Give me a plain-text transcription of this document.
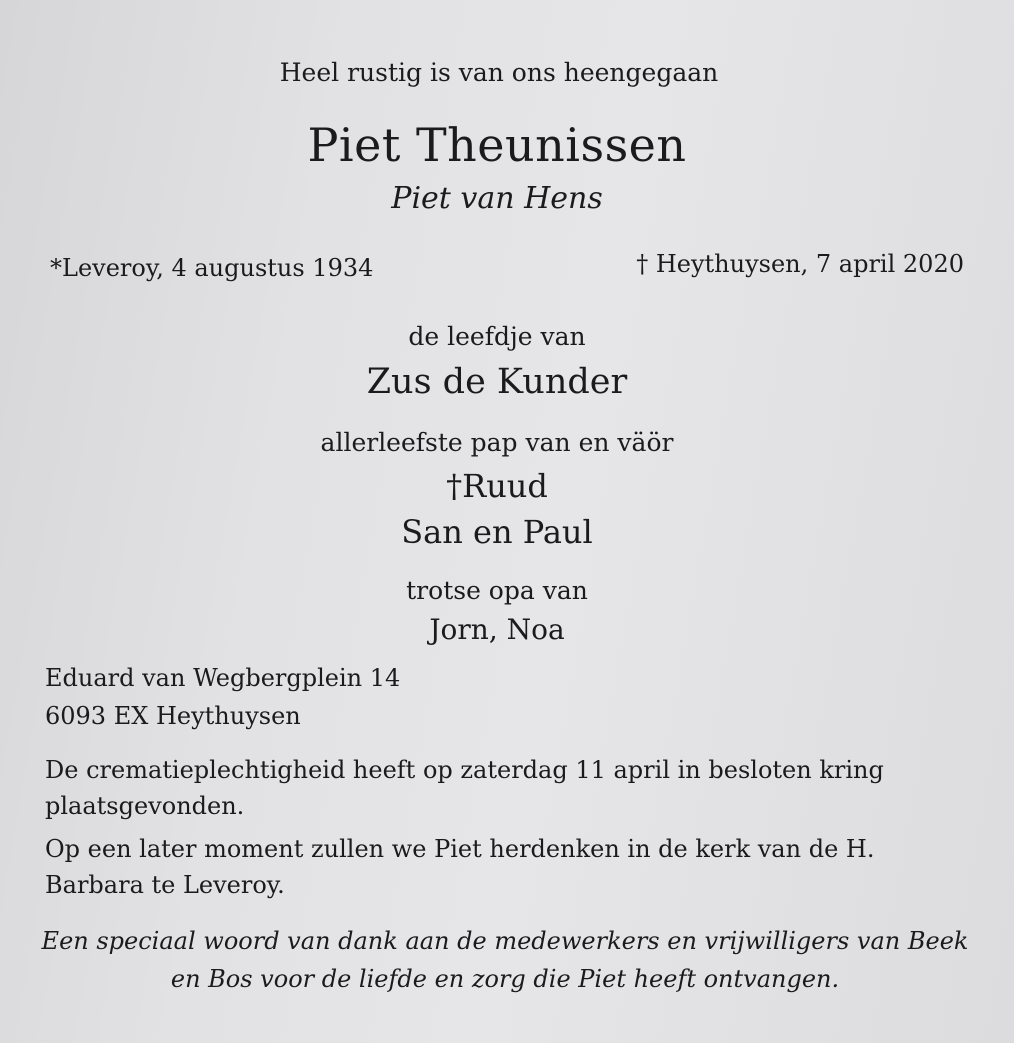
Heel rustig is van ons heengegaan
Piet Theunissen
Piet van Hens
*Leveroy, 4 augustus 1934	† Heythuysen, 7 april 2020
de leefdje van
Zus de Kunder
allerleefste pap van en väör
†Ruud
San en Paul
trotse opa van
Jorn, Noa
Eduard van Wegbergplein 14
6093 EX Heythuysen
De crematieplechtigheid heeft op zaterdag 11 april in besloten kring plaatsgevonden.
Op een later moment zullen we Piet herdenken in de kerk van de H. Barbara te Leveroy.
Een speciaal woord van dank aan de medewerkers en vrijwilligers van Beek en Bos voor de liefde en zorg die Piet heeft ontvangen.
